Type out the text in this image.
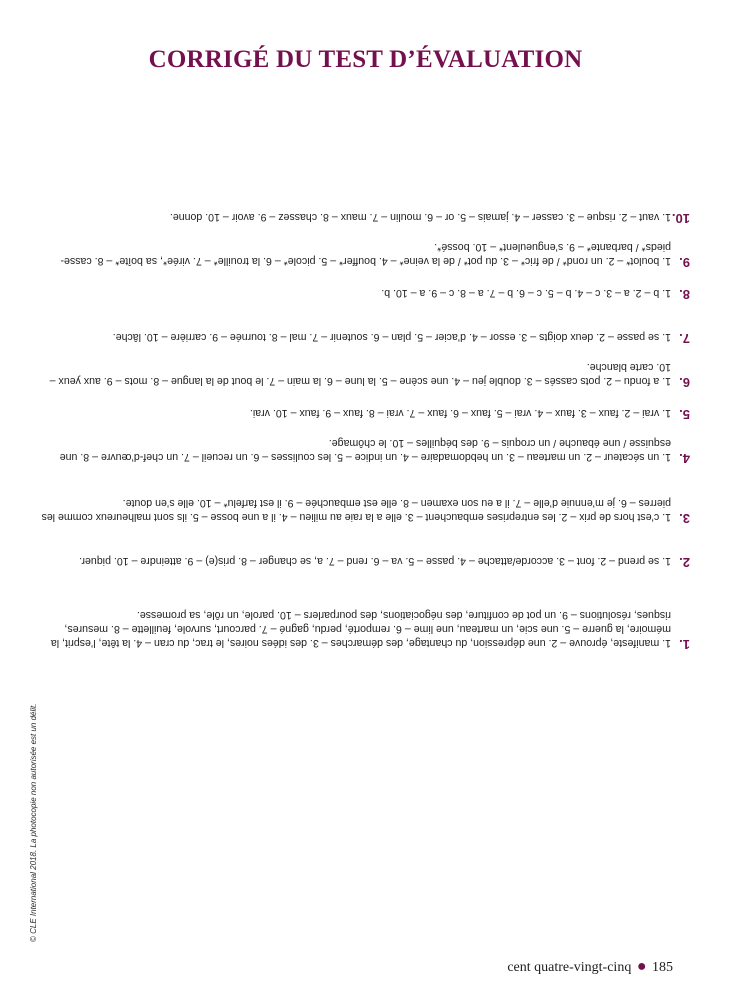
CORRIGÉ DU TEST D’ÉVALUATION
1.
1. manifeste, éprouve – 2. une dépression, du chantage, des démarches – 3. des idées noires, le trac, du cran – 4. la tête, l’esprit, la mémoire, la guerre – 5. une scie, un marteau, une lime – 6. remporté, perdu, gagné – 7. parcourt, survole, feuillette – 8. mesures, risques, résolutions – 9. un pot de confiture, des négociations, des pourparlers – 10. parole, un rôle, sa promesse.
2.
1. se prend – 2. font – 3. accorde/attache – 4. passe – 5. va – 6. rend – 7. a, se changer – 8. pris(e) – 9. atteindre – 10. piquer.
3.
1. c’est hors de prix – 2. les entreprises embauchent – 3. elle a la raie au milieu – 4. il a une bosse – 5. ils sont malheureux comme les pierres – 6. je m’ennuie d’elle – 7. il a eu son examen – 8. elle est embauchée – 9. il est farfelu* – 10. elle s’en doute.
4.
1. un sécateur – 2. un marteau – 3. un hebdomadaire – 4. un indice – 5. les coulisses – 6. un recueil – 7. un chef-d’œuvre – 8. une esquisse / une ébauche / un croquis – 9. des béquilles – 10. le chômage.
5.
1. vrai – 2. faux – 3. faux – 4. vrai – 5. faux – 6. faux – 7. vrai – 8. faux – 9. faux – 10. vrai.
6.
1. a fondu – 2. pots cassés – 3. double jeu – 4. une scène – 5. la lune – 6. la main – 7. le bout de la langue – 8. mots – 9. aux yeux – 10. carte blanche.
7.
1. se passe – 2. deux doigts – 3. essor – 4. d’acier – 5. plan – 6. soutenir – 7. mal – 8. tournée – 9. carrière – 10. lâche.
8.
1. b – 2. a – 3. c – 4. b – 5. c – 6. b – 7. a – 8. c – 9. a – 10. b.
9.
1. boulot* – 2. un rond* / de fric* – 3. du pot* / de la veine* – 4. bouffer* – 5. picole* – 6. la trouille* – 7. virée*, sa boîte* – 8. casse-pieds* / barbante* – 9. s’engueulent* – 10. bossé*.
10.
1. vaut – 2. risque – 3. casser – 4. jamais – 5. or – 6. moulin – 7. maux – 8. chassez – 9. avoir – 10. donne.
© CLE International 2018. La photocopie non autorisée est un délit.
cent quatre-vingt-cinq ● 185
